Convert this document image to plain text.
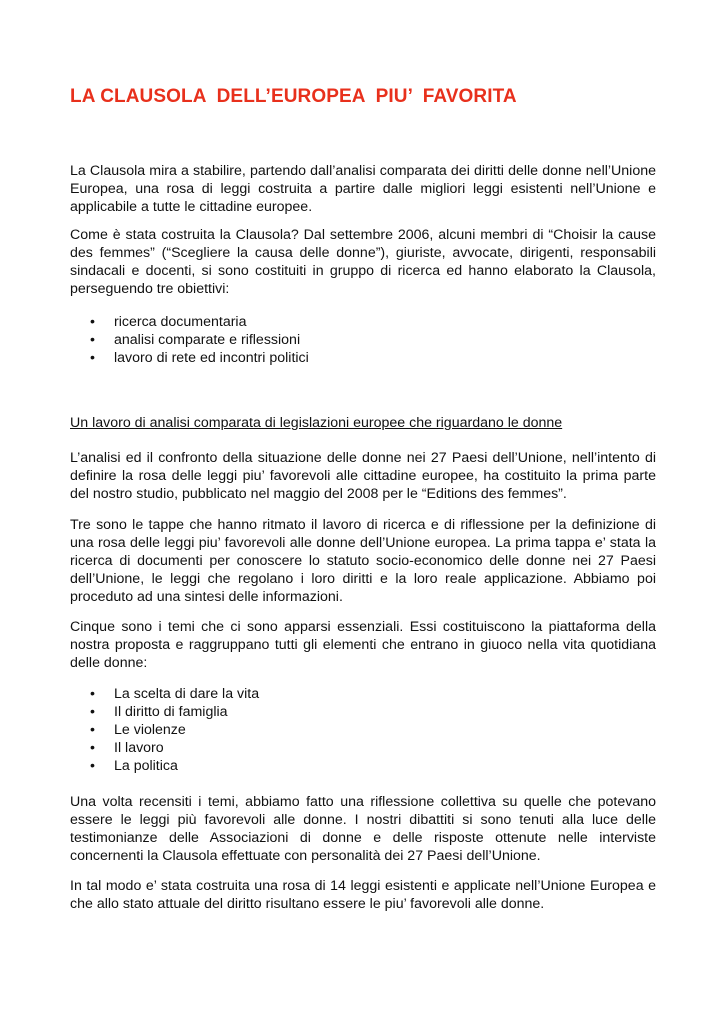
LA CLAUSOLA  DELL’EUROPEA  PIU’  FAVORITA

La Clausola mira a stabilire, partendo dall’analisi comparata dei diritti delle donne nell’Unione Europea, una rosa di leggi costruita a partire dalle migliori leggi esistenti nell’Unione e applicabile a tutte le cittadine europee.

Come è stata costruita la Clausola? Dal settembre 2006, alcuni membri di “Choisir la cause des femmes” (“Scegliere la causa delle donne”), giuriste, avvocate, dirigenti, responsabili sindacali e docenti, si sono costituiti in gruppo di ricerca ed hanno elaborato la Clausola, perseguendo tre obiettivi:

• ricerca documentaria
• analisi comparate e riflessioni
• lavoro di rete ed incontri politici

Un lavoro di analisi comparata di legislazioni europee che riguardano le donne

L’analisi ed il confronto della situazione delle donne nei 27 Paesi dell’Unione, nell’intento di definire la rosa delle leggi piu’ favorevoli alle cittadine europee, ha costituito la prima parte del nostro studio, pubblicato nel maggio del 2008 per le “Editions des femmes”.

Tre sono le tappe che hanno ritmato il lavoro di ricerca e di riflessione per la definizione di una rosa delle leggi piu’ favorevoli alle donne dell’Unione europea. La prima tappa e’ stata la ricerca di documenti per conoscere lo statuto socio-economico delle donne nei 27 Paesi dell’Unione, le leggi che regolano i loro diritti e la loro reale applicazione. Abbiamo poi proceduto ad una sintesi delle informazioni.

Cinque sono i temi che ci sono apparsi essenziali. Essi costituiscono la piattaforma della nostra proposta e raggruppano tutti gli elementi che entrano in giuoco nella vita quotidiana delle donne:

• La scelta di dare la vita
• Il diritto di famiglia
• Le violenze
• Il lavoro
• La politica

Una volta recensiti i temi, abbiamo fatto una riflessione collettiva su quelle che potevano essere le leggi più favorevoli alle donne. I nostri dibattiti si sono tenuti alla luce delle testimonianze delle Associazioni di donne e delle risposte ottenute nelle interviste concernenti la Clausola effettuate con personalità dei 27 Paesi dell’Unione.

In tal modo e’ stata costruita una rosa di 14 leggi esistenti e applicate nell’Unione Europea e che allo stato attuale del diritto risultano essere le piu’ favorevoli alle donne.
